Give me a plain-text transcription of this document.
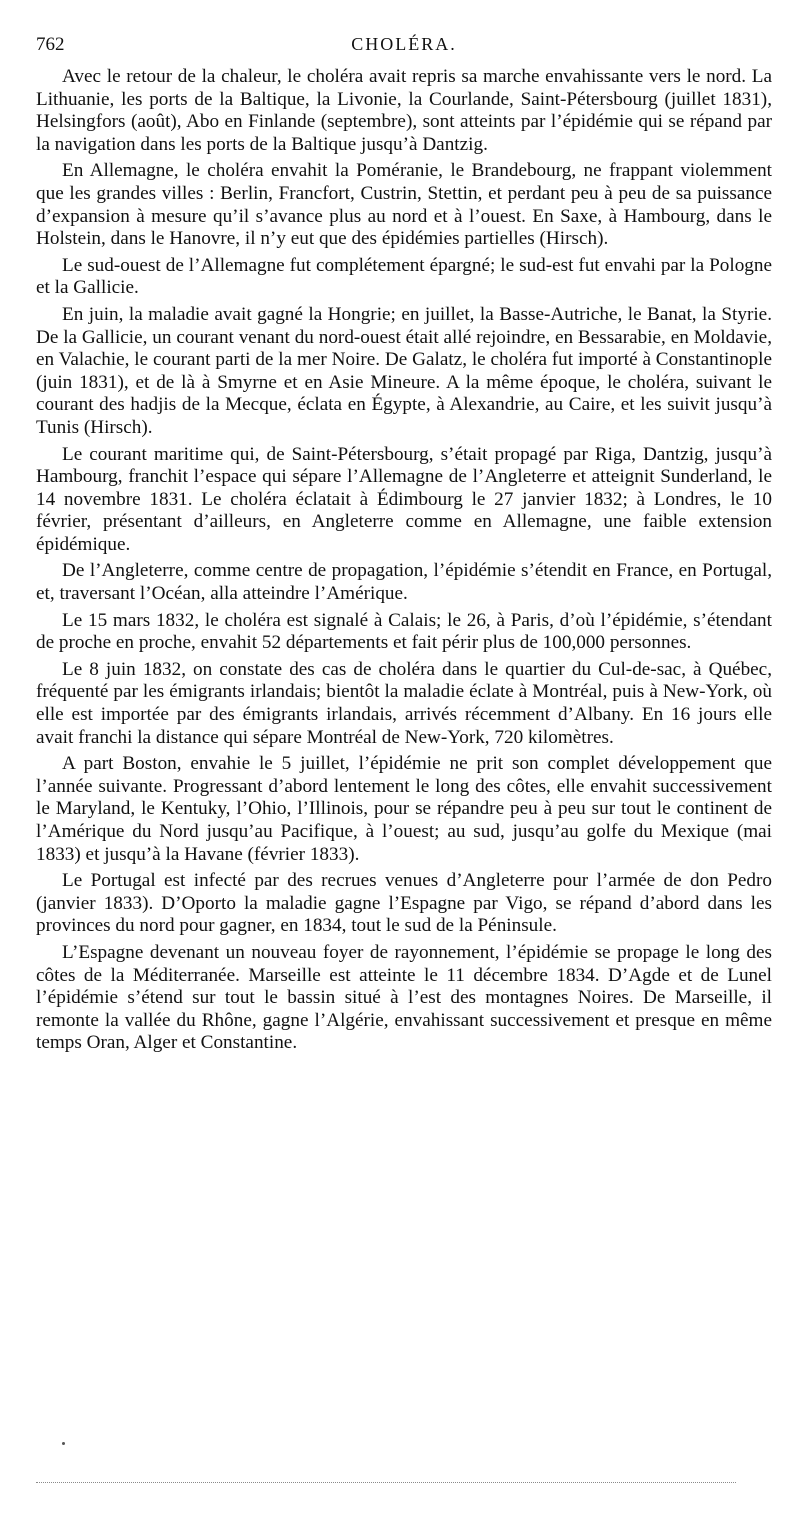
762	CHOLÉRA.

Avec le retour de la chaleur, le choléra avait repris sa marche envahissante vers le nord. La Lithuanie, les ports de la Baltique, la Livonie, la Courlande, Saint-Pétersbourg (juillet 1831), Helsingfors (août), Abo en Finlande (septembre), sont atteints par l’épidémie qui se répand par la navigation dans les ports de la Baltique jusqu’à Dantzig.

En Allemagne, le choléra envahit la Poméranie, le Brandebourg, ne frappant violemment que les grandes villes : Berlin, Francfort, Custrin, Stettin, et perdant peu à peu de sa puissance d’expansion à mesure qu’il s’avance plus au nord et à l’ouest. En Saxe, à Hambourg, dans le Holstein, dans le Hanovre, il n’y eut que des épidémies partielles (Hirsch).

Le sud-ouest de l’Allemagne fut complétement épargné; le sud-est fut envahi par la Pologne et la Gallicie.

En juin, la maladie avait gagné la Hongrie; en juillet, la Basse-Autriche, le Banat, la Styrie. De la Gallicie, un courant venant du nord-ouest était allé rejoindre, en Bessarabie, en Moldavie, en Valachie, le courant parti de la mer Noire. De Galatz, le choléra fut importé à Constantinople (juin 1831), et de là à Smyrne et en Asie Mineure. A la même époque, le choléra, suivant le courant des hadjis de la Mecque, éclata en Égypte, à Alexandrie, au Caire, et les suivit jusqu’à Tunis (Hirsch).

Le courant maritime qui, de Saint-Pétersbourg, s’était propagé par Riga, Dantzig, jusqu’à Hambourg, franchit l’espace qui sépare l’Allemagne de l’Angleterre et atteignit Sunderland, le 14 novembre 1831. Le choléra éclatait à Édimbourg le 27 janvier 1832; à Londres, le 10 février, présentant d’ailleurs, en Angleterre comme en Allemagne, une faible extension épidémique.

De l’Angleterre, comme centre de propagation, l’épidémie s’étendit en France, en Portugal, et, traversant l’Océan, alla atteindre l’Amérique.

Le 15 mars 1832, le choléra est signalé à Calais; le 26, à Paris, d’où l’épidémie, s’étendant de proche en proche, envahit 52 départements et fait périr plus de 100,000 personnes.

Le 8 juin 1832, on constate des cas de choléra dans le quartier du Cul-de-sac, à Québec, fréquenté par les émigrants irlandais; bientôt la maladie éclate à Montréal, puis à New-York, où elle est importée par des émigrants irlandais, arrivés récemment d’Albany. En 16 jours elle avait franchi la distance qui sépare Montréal de New-York, 720 kilomètres.

A part Boston, envahie le 5 juillet, l’épidémie ne prit son complet développement que l’année suivante. Progressant d’abord lentement le long des côtes, elle envahit successivement le Maryland, le Kentuky, l’Ohio, l’Illinois, pour se répandre peu à peu sur tout le continent de l’Amérique du Nord jusqu’au Pacifique, à l’ouest; au sud, jusqu’au golfe du Mexique (mai 1833) et jusqu’à la Havane (février 1833).

Le Portugal est infecté par des recrues venues d’Angleterre pour l’armée de don Pedro (janvier 1833). D’Oporto la maladie gagne l’Espagne par Vigo, se répand d’abord dans les provinces du nord pour gagner, en 1834, tout le sud de la Péninsule.

L’Espagne devenant un nouveau foyer de rayonnement, l’épidémie se propage le long des côtes de la Méditerranée. Marseille est atteinte le 11 décembre 1834. D’Agde et de Lunel l’épidémie s’étend sur tout le bassin situé à l’est des montagnes Noires. De Marseille, il remonte la vallée du Rhône, gagne l’Algérie, envahissant successivement et presque en même temps Oran, Alger et Constantine.
